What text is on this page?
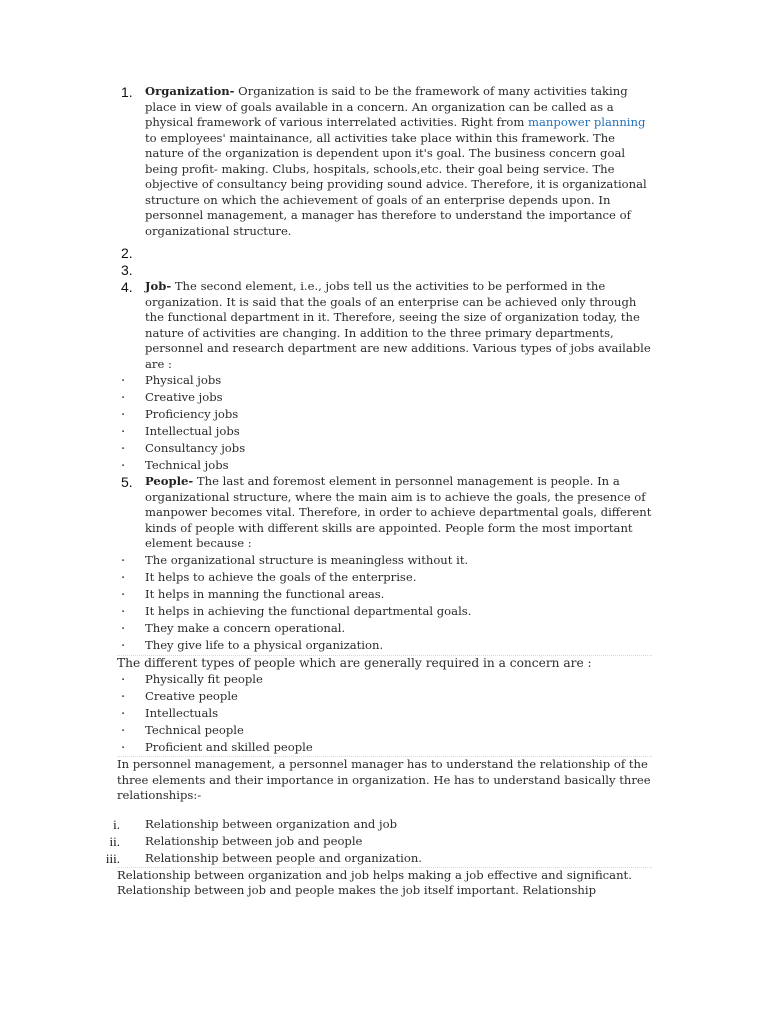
1. Organization- Organization is said to be the framework of many activities taking place in view of goals available in a concern. An organization can be called as a physical framework of various interrelated activities. Right from manpower planning to employees' maintainance, all activities take place within this framework. The nature of the organization is dependent upon it's goal. The business concern goal being profit- making. Clubs, hospitals, schools,etc. their goal being service. The objective of consultancy being providing sound advice. Therefore, it is organizational structure on which the achievement of goals of an enterprise depends upon. In personnel management, a manager has therefore to understand the importance of organizational structure.
2.
3.
4. Job- The second element, i.e., jobs tell us the activities to be performed in the organization. It is said that the goals of an enterprise can be achieved only through the functional department in it. Therefore, seeing the size of organization today, the nature of activities are changing. In addition to the three primary departments, personnel and research department are new additions. Various types of jobs available are :
. Physical jobs
. Creative jobs
. Proficiency jobs
. Intellectual jobs
. Consultancy jobs
. Technical jobs
5. People- The last and foremost element in personnel management is people. In a organizational structure, where the main aim is to achieve the goals, the presence of manpower becomes vital. Therefore, in order to achieve departmental goals, different kinds of people with different skills are appointed. People form the most important element because :
. The organizational structure is meaningless without it.
. It helps to achieve the goals of the enterprise.
. It helps in manning the functional areas.
. It helps in achieving the functional departmental goals.
. They make a concern operational.
. They give life to a physical organization.
The different types of people which are generally required in a concern are :
. Physically fit people
. Creative people
. Intellectuals
. Technical people
. Proficient and skilled people
In personnel management, a personnel manager has to understand the relationship of the three elements and their importance in organization. He has to understand basically three relationships:-
i. Relationship between organization and job
ii. Relationship between job and people
iii. Relationship between people and organization.
Relationship between organization and job helps making a job effective and significant.
Relationship between job and people makes the job itself important. Relationship
